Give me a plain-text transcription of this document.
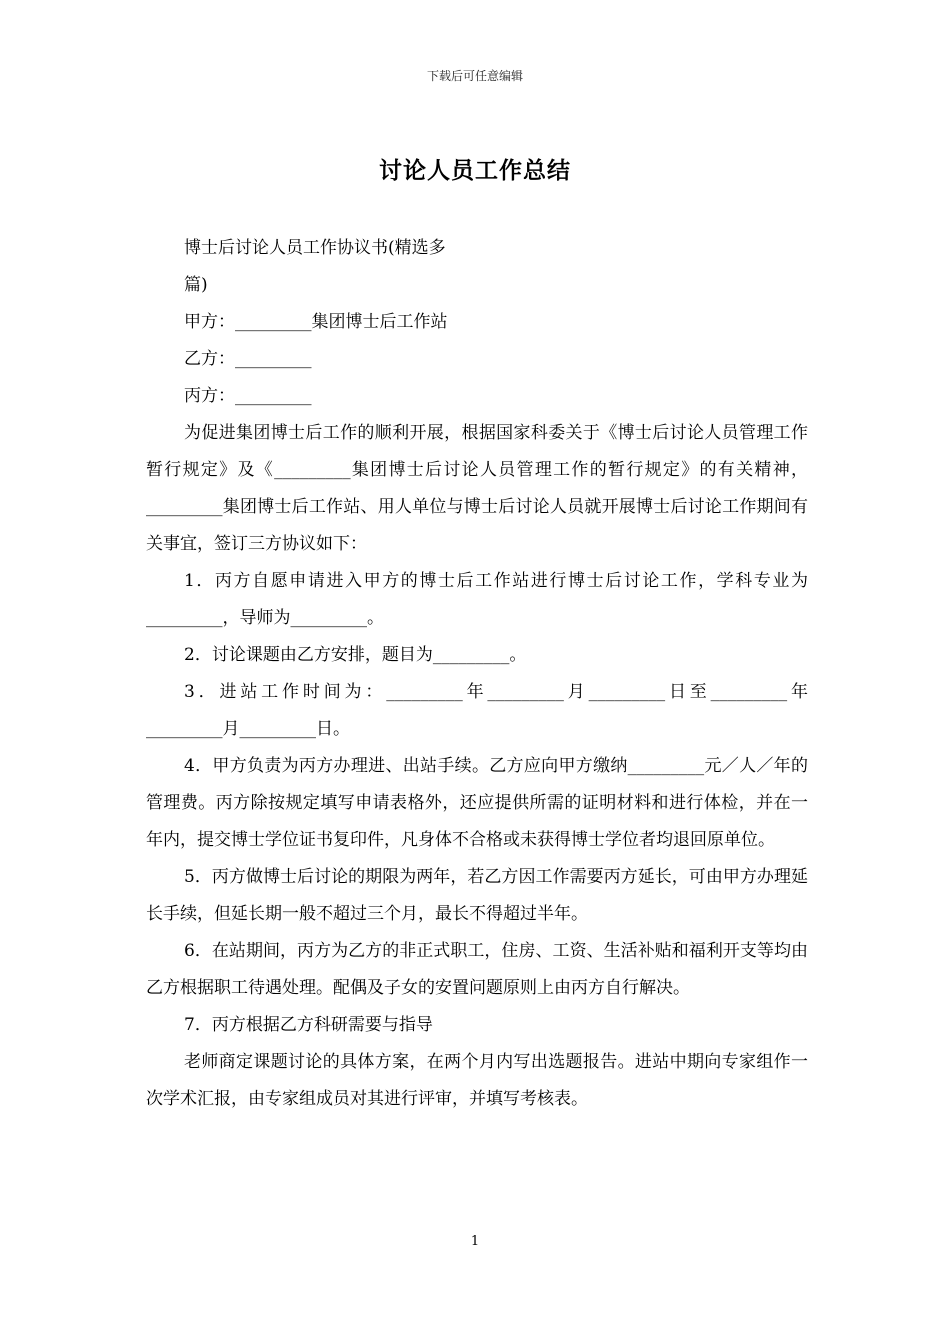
下载后可任意编辑
讨论人员工作总结

博士后讨论人员工作协议书(精选多

篇)

甲方：_________集团博士后工作站

乙方：_________

丙方：_________

为促进集团博士后工作的顺利开展，根据国家科委关于《博士后讨论人员管理工作暂行规定》及《_________集团博士后讨论人员管理工作的暂行规定》的有关精神，_________集团博士后工作站、用人单位与博士后讨论人员就开展博士后讨论工作期间有关事宜，签订三方协议如下：

1．丙方自愿申请进入甲方的博士后工作站进行博士后讨论工作，学科专业为_________，导师为_________。

2．讨论课题由乙方安排，题目为_________。

3．进站工作时间为：_________年_________月_________日至_________年_________月_________日。

4．甲方负责为丙方办理进、出站手续。乙方应向甲方缴纳_________元／人／年的管理费。丙方除按规定填写申请表格外，还应提供所需的证明材料和进行体检，并在一年内，提交博士学位证书复印件，凡身体不合格或未获得博士学位者均退回原单位。

5．丙方做博士后讨论的期限为两年，若乙方因工作需要丙方延长，可由甲方办理延长手续，但延长期一般不超过三个月，最长不得超过半年。

6．在站期间，丙方为乙方的非正式职工，住房、工资、生活补贴和福利开支等均由乙方根据职工待遇处理。配偶及子女的安置问题原则上由丙方自行解决。

7．丙方根据乙方科研需要与指导

老师商定课题讨论的具体方案，在两个月内写出选题报告。进站中期向专家组作一次学术汇报，由专家组成员对其进行评审，并填写考核表。

1
